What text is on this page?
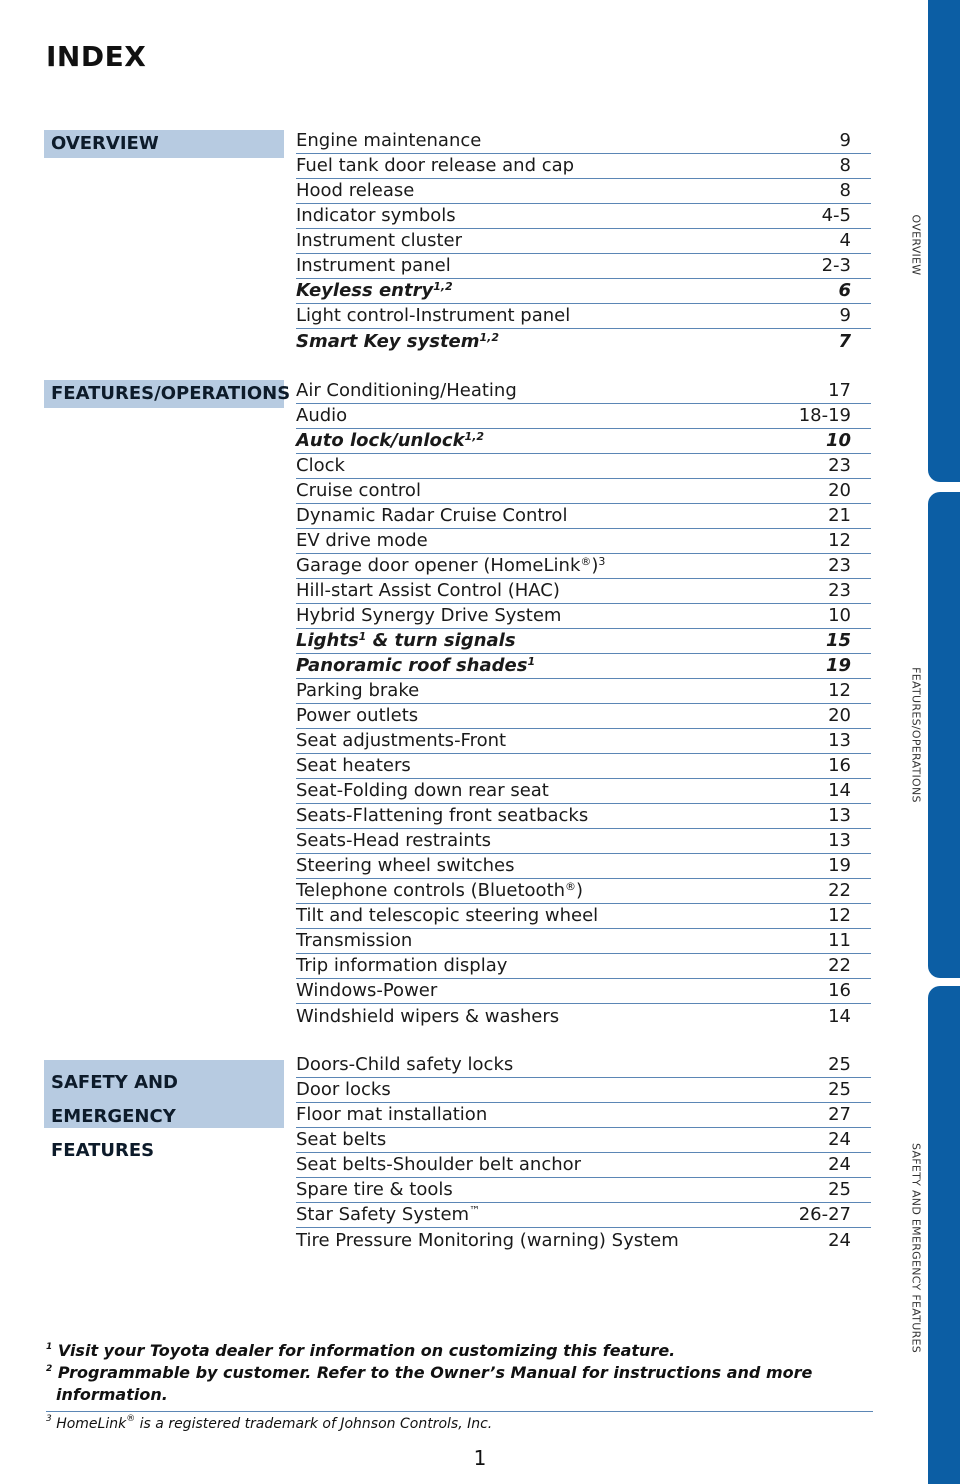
INDEX
OVERVIEW
FEATURES/OPERATIONS
SAFETY AND
EMERGENCY FEATURES
Engine maintenance	9
Fuel tank door release and cap	8
Hood release	8
Indicator symbols	4-5
Instrument cluster	4
Instrument panel	2-3
Keyless entry$^{1,2}$	6
Light control-Instrument panel	9
Smart Key system$^{1,2}$	7
Air Conditioning/Heating	17
Audio	18-19
Auto lock/unlock$^{1,2}$	10
Clock	23
Cruise control	20
Dynamic Radar Cruise Control	21
EV drive mode	12
Garage door opener (HomeLink®)$^3$	23
Hill-start Assist Control (HAC)	23
Hybrid Synergy Drive System	10
Lights$^1$ & turn signals	15
Panoramic roof shades$^1$	19
Parking brake	12
Power outlets	20
Seat adjustments-Front	13
Seat heaters	16
Seat-Folding down rear seat	14
Seats-Flattening front seatbacks	13
Seats-Head restraints	13
Steering wheel switches	19
Telephone controls (Bluetooth®)	22
Tilt and telescopic steering wheel	12
Transmission	11
Trip information display	22
Windows-Power	16
Windshield wipers & washers	14
Doors-Child safety locks	25
Door locks	25
Floor mat installation	27
Seat belts	24
Seat belts-Shoulder belt anchor	24
Spare tire & tools	25
Star Safety System™	26-27
Tire Pressure Monitoring (warning) System	24
OVERVIEW
FEATURES/OPERATIONS
SAFETY AND EMERGENCY FEATURES
$^1$ Visit your Toyota dealer for information on customizing this feature.
$^2$ Programmable by customer. Refer to the Owner’s Manual for instructions and more information.
$^3$ HomeLink® is a registered trademark of Johnson Controls, Inc.
1
